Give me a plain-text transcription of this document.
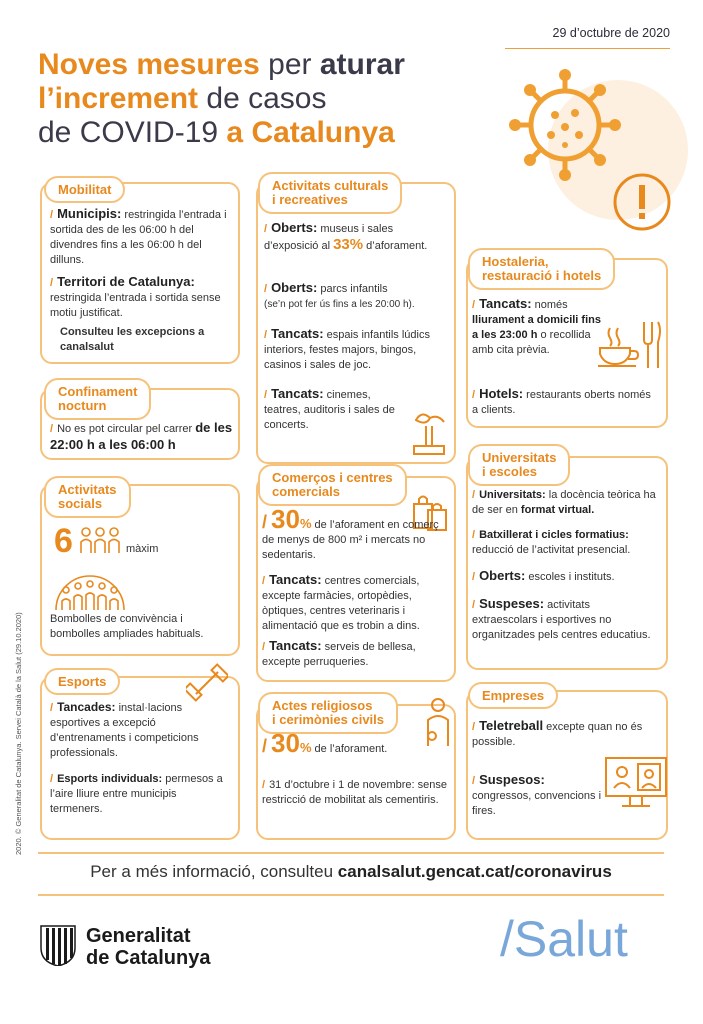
29 d’octubre de 2020
Noves mesures per aturar
l’increment de casos
de COVID-19 a Catalunya
Mobilitat
/ Municipis: restringida l’entrada i sortida des de les 06:00 h del divendres fins a les 06:00 h del dilluns.
/ Territori de Catalunya: restringida l’entrada i sortida sense motiu justificat.
Consulteu les excepcions a canalsalut
Confinament
nocturn
/ No es pot circular pel carrer de les 22:00 h a les 06:00 h
Activitats
socials
6	màxim
Bombolles de convivència i bombolles ampliades habituals.
Esports
/ Tancades: instal·lacions esportives a excepció d’entrenaments i competicions professionals.
/ Esports individuals: permesos a l’aire lliure entre municipis termeners.
Activitats culturals
i recreatives
/ Oberts: museus i sales d’exposició al 33% d’aforament.
/ Oberts: parcs infantils
(se’n pot fer ús fins a les 20:00 h).
/ Tancats: espais infantils lúdics interiors, festes majors, bingos, casinos i sales de joc.
/ Tancats: cinemes, teatres, auditoris i sales de concerts.
Comerços i centres
comercials
/ 30% de l’aforament en comerç de menys de 800 m² i mercats no sedentaris.
/ Tancats: centres comercials, excepte farmàcies, ortopèdies, òptiques, centres veterinaris i alimentació que es trobin a dins.
/ Tancats: serveis de bellesa, excepte perruqueries.
Actes religiosos
i cerimònies civils
/ 30% de l’aforament.
/ 31 d’octubre i 1 de novembre: sense restricció de mobilitat als cementiris.
Hostaleria,
restauració i hotels
/ Tancats: només lliurament a domicili fins a les 23:00 h o recollida amb cita prèvia.
/ Hotels: restaurants oberts només a clients.
Universitats
i escoles
/ Universitats: la docència teòrica ha de ser en format virtual.
/ Batxillerat i cicles formatius: reducció de l’activitat presencial.
/ Oberts: escoles i instituts.
/ Suspeses: activitats extraescolars i esportives no organitzades pels centres educatius.
Empreses
/ Teletreball excepte quan no és possible.
/ Suspesos: congressos, convencions i fires.
Per a més informació, consulteu canalsalut.gencat.cat/coronavirus
Generalitat
de Catalunya	/Salut
2020. © Generalitat de Catalunya. Servei Català de la Salut (29.10.2020)
